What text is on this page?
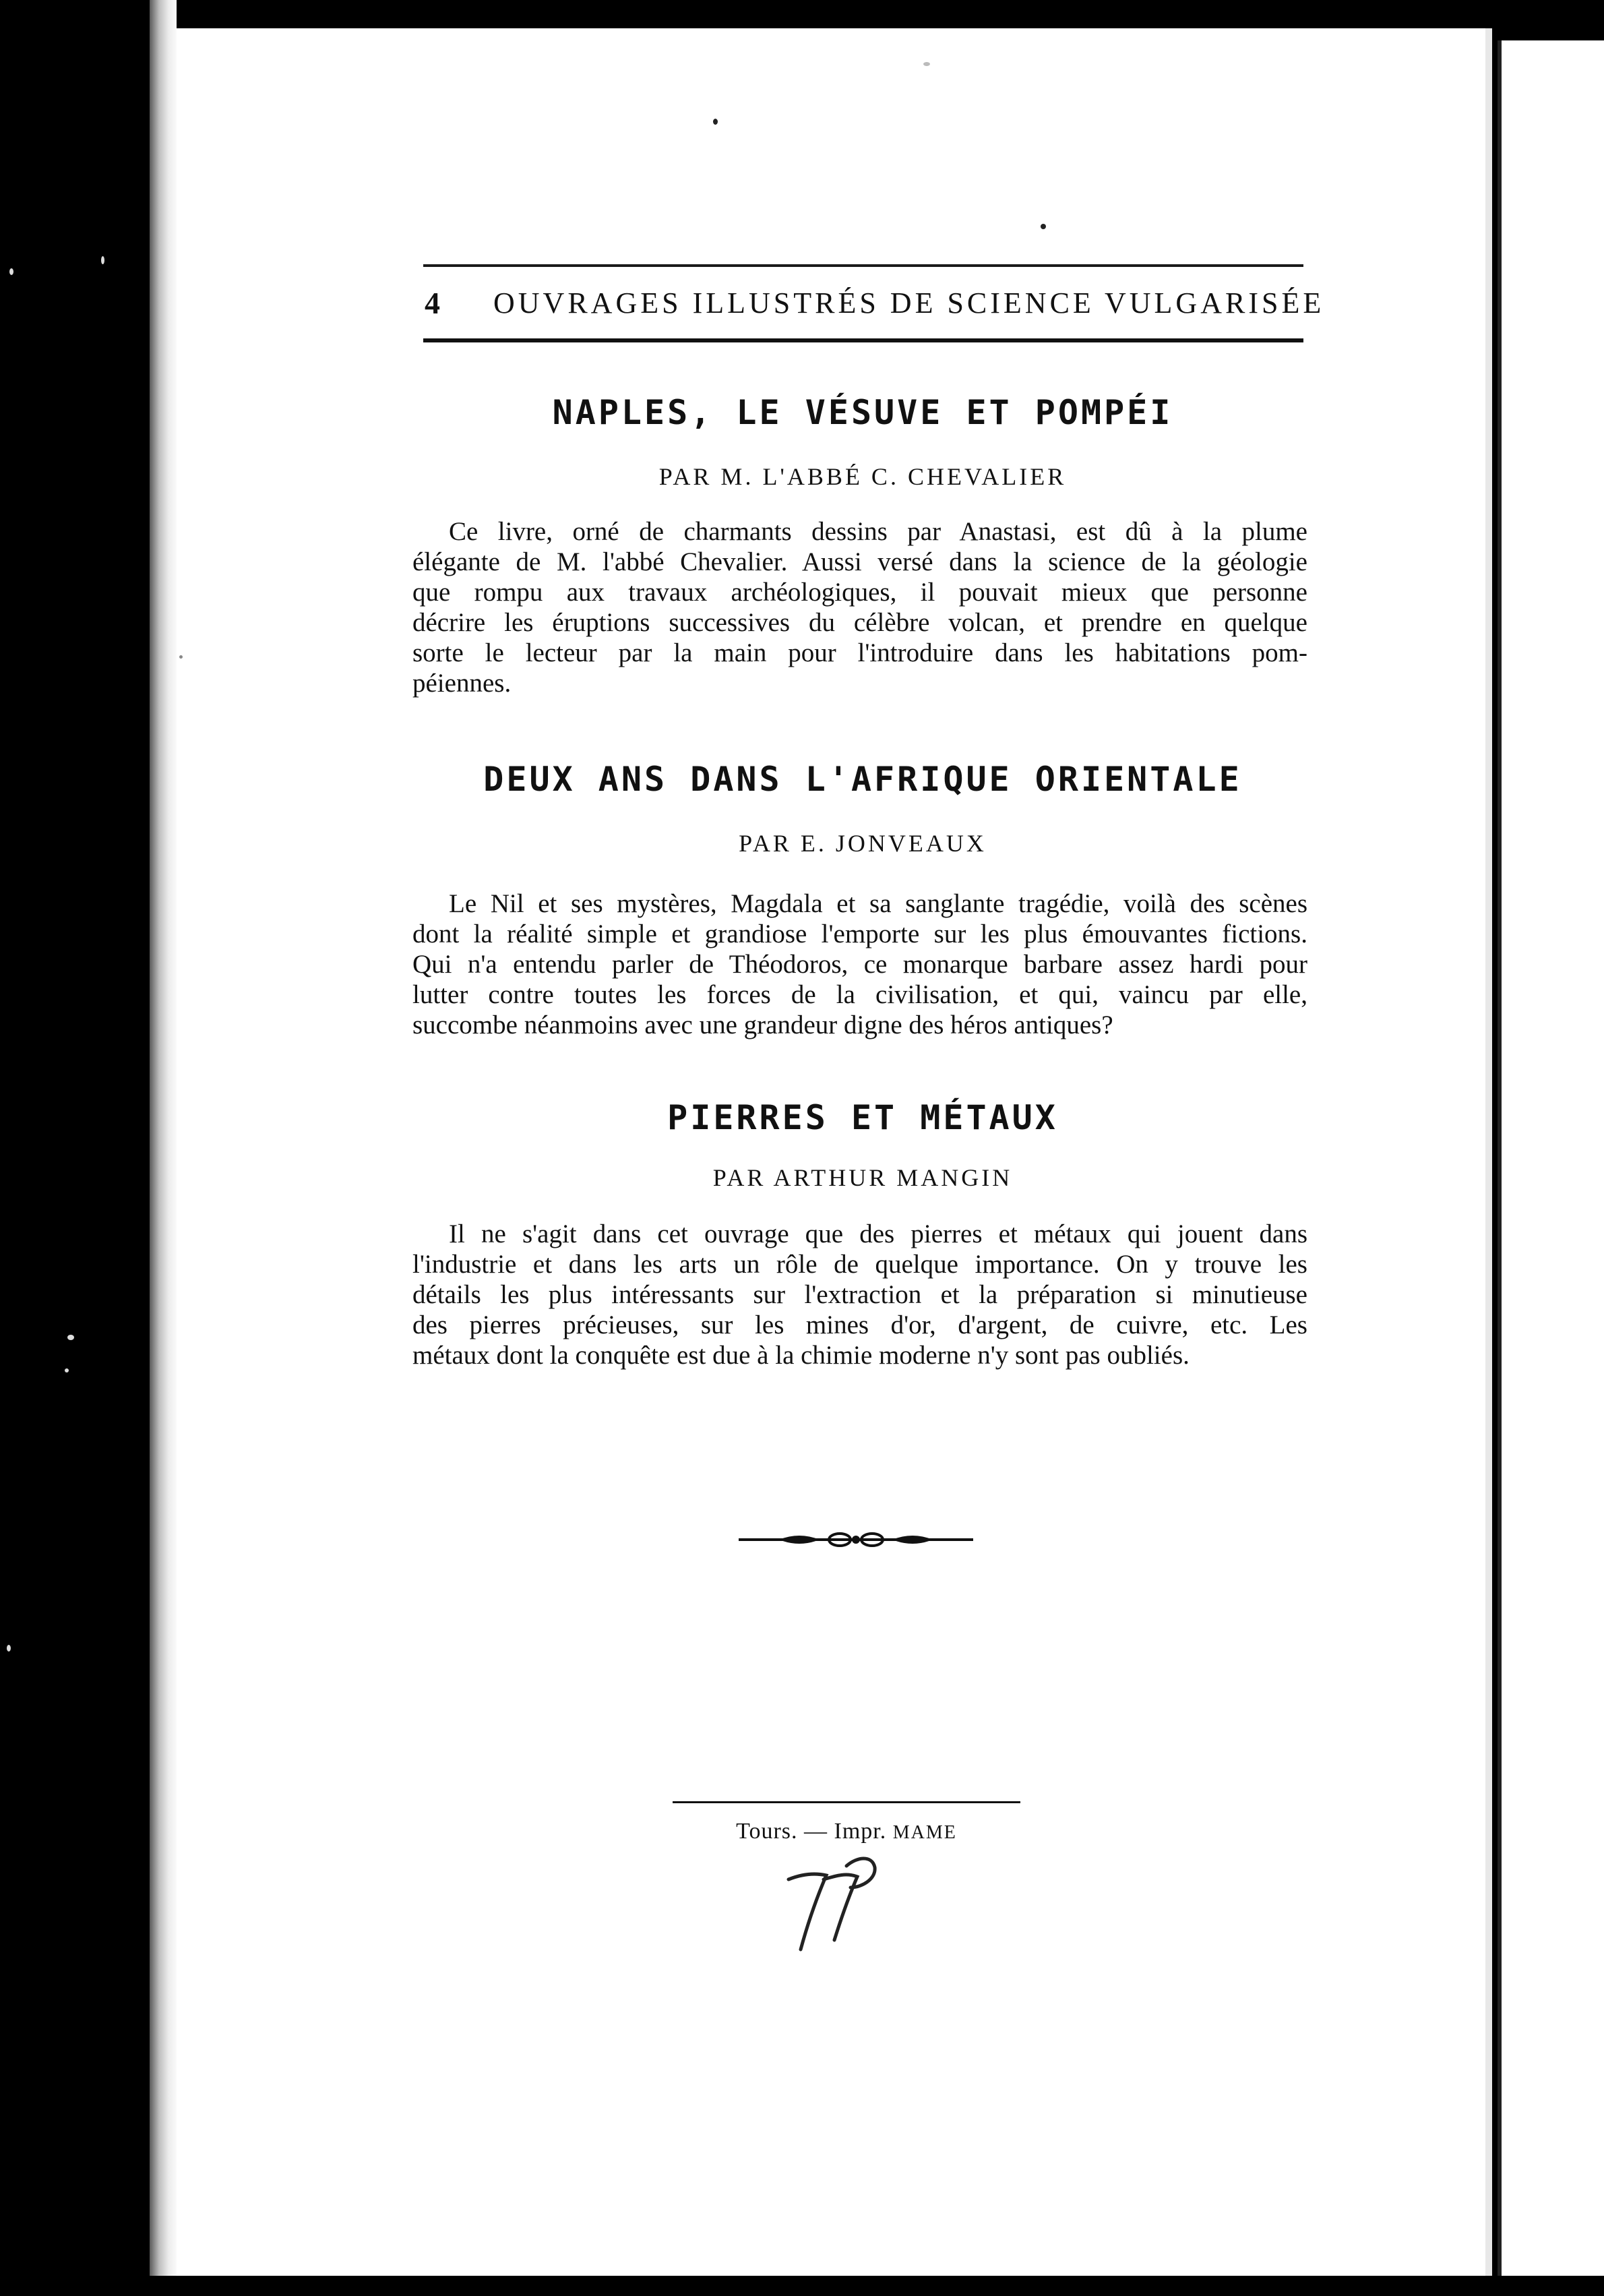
4 OUVRAGES ILLUSTRÉS DE SCIENCE VULGARISÉE
NAPLES, LE VÉSUVE ET POMPÉI
PAR M. L'ABBÉ C. CHEVALIER
Ce livre, orné de charmants dessins par Anastasi, est dû à la plume
élégante de M. l'abbé Chevalier. Aussi versé dans la science de la géologie
que rompu aux travaux archéologiques, il pouvait mieux que personne
décrire les éruptions successives du célèbre volcan, et prendre en quelque
sorte le lecteur par la main pour l'introduire dans les habitations pom-
péiennes.
DEUX ANS DANS L'AFRIQUE ORIENTALE
PAR E. JONVEAUX
Le Nil et ses mystères, Magdala et sa sanglante tragédie, voilà des scènes
dont la réalité simple et grandiose l'emporte sur les plus émouvantes fictions.
Qui n'a entendu parler de Théodoros, ce monarque barbare assez hardi pour
lutter contre toutes les forces de la civilisation, et qui, vaincu par elle,
succombe néanmoins avec une grandeur digne des héros antiques?
PIERRES ET MÉTAUX
PAR ARTHUR MANGIN
Il ne s'agit dans cet ouvrage que des pierres et métaux qui jouent dans
l'industrie et dans les arts un rôle de quelque importance. On y trouve les
détails les plus intéressants sur l'extraction et la préparation si minutieuse
des pierres précieuses, sur les mines d'or, d'argent, de cuivre, etc. Les
métaux dont la conquête est due à la chimie moderne n'y sont pas oubliés.
Tours. — Impr. MAME
